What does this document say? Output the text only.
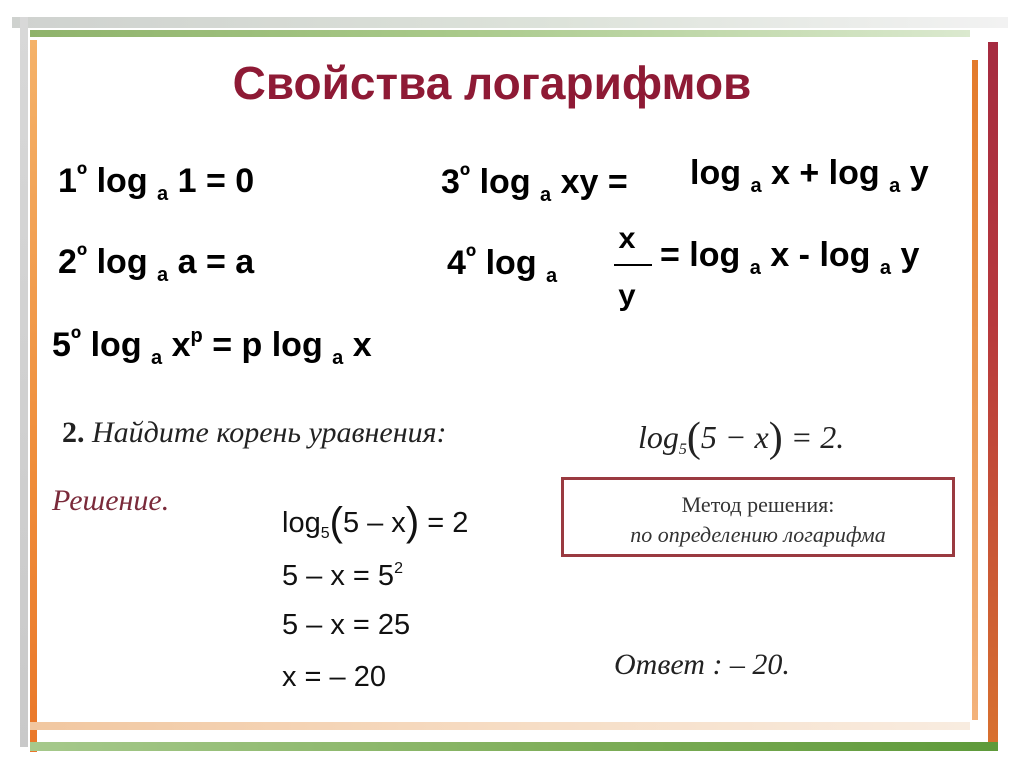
Свойства логарифмов
$1^º$ log $_a$ 1 = 0	$3^º$ log $_a$ xy = log $_a$ x + log $_a$ y
$2^º$ log $_a$ a = a	$4^º$ log $_a$
x
y
= log $_a$ x - log $_a$ y
$5^º$ log $_a$ $x^p = p$ log $_a$ x
2. Найдите корень уравнения:	$\log_5(5 - x) = 2$.
Решение.
$\log_5(5 - x) = 2$
$5 - x = 5^2$
5 – x = 25
x = – 20
Метод решения:
по определению логарифма
Ответ : – 20.
